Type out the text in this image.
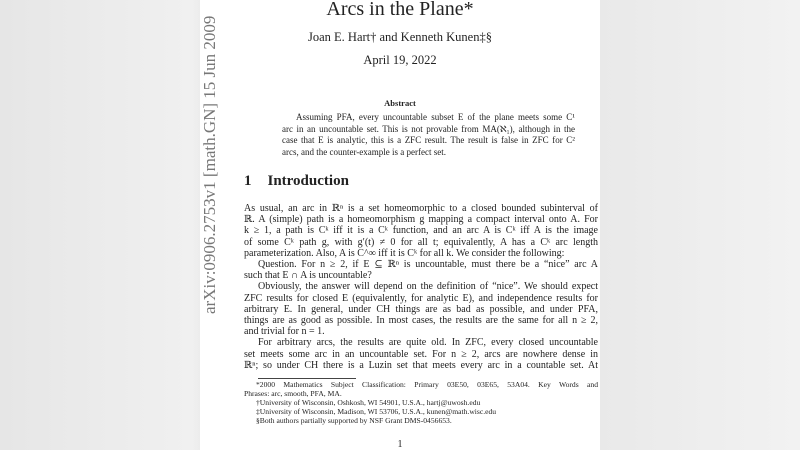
arXiv:0906.2753v1 [math.GN] 15 Jun 2009
Arcs in the Plane*
Joan E. Hart† and Kenneth Kunen‡§
April 19, 2022
Abstract
Assuming PFA, every uncountable subset E of the plane meets some C¹
arc in an uncountable set. This is not provable from MA(ℵ₁), although in the
case that E is analytic, this is a ZFC result. The result is false in ZFC for C²
arcs, and the counter-example is a perfect set.
1 Introduction
As usual, an arc in ℝⁿ is a set homeomorphic to a closed bounded subinterval of
ℝ. A (simple) path is a homeomorphism g mapping a compact interval onto A. For
k ≥ 1, a path is Cᵏ iff it is a Cᵏ function, and an arc A is Cᵏ iff A is the image
of some Cᵏ path g, with g′(t) ≠ 0 for all t; equivalently, A has a Cᵏ arc length
parameterization. Also, A is C^∞ iff it is Cᵏ for all k. We consider the following:
Question. For n ≥ 2, if E ⊆ ℝⁿ is uncountable, must there be a “nice” arc A
such that E ∩ A is uncountable?
Obviously, the answer will depend on the definition of “nice”. We should expect
ZFC results for closed E (equivalently, for analytic E), and independence results for
arbitrary E. In general, under CH things are as bad as possible, and under PFA,
things are as good as possible. In most cases, the results are the same for all n ≥ 2,
and trivial for n = 1.
For arbitrary arcs, the results are quite old. In ZFC, every closed uncountable
set meets some arc in an uncountable set. For n ≥ 2, arcs are nowhere dense in
ℝⁿ; so under CH there is a Luzin set that meets every arc in a countable set. At
*2000 Mathematics Subject Classification: Primary 03E50, 03E65, 53A04. Key Words and
Phrases: arc, smooth, PFA, MA.
†University of Wisconsin, Oshkosh, WI 54901, U.S.A., hartj@uwosh.edu
‡University of Wisconsin, Madison, WI 53706, U.S.A., kunen@math.wisc.edu
§Both authors partially supported by NSF Grant DMS-0456653.
1
